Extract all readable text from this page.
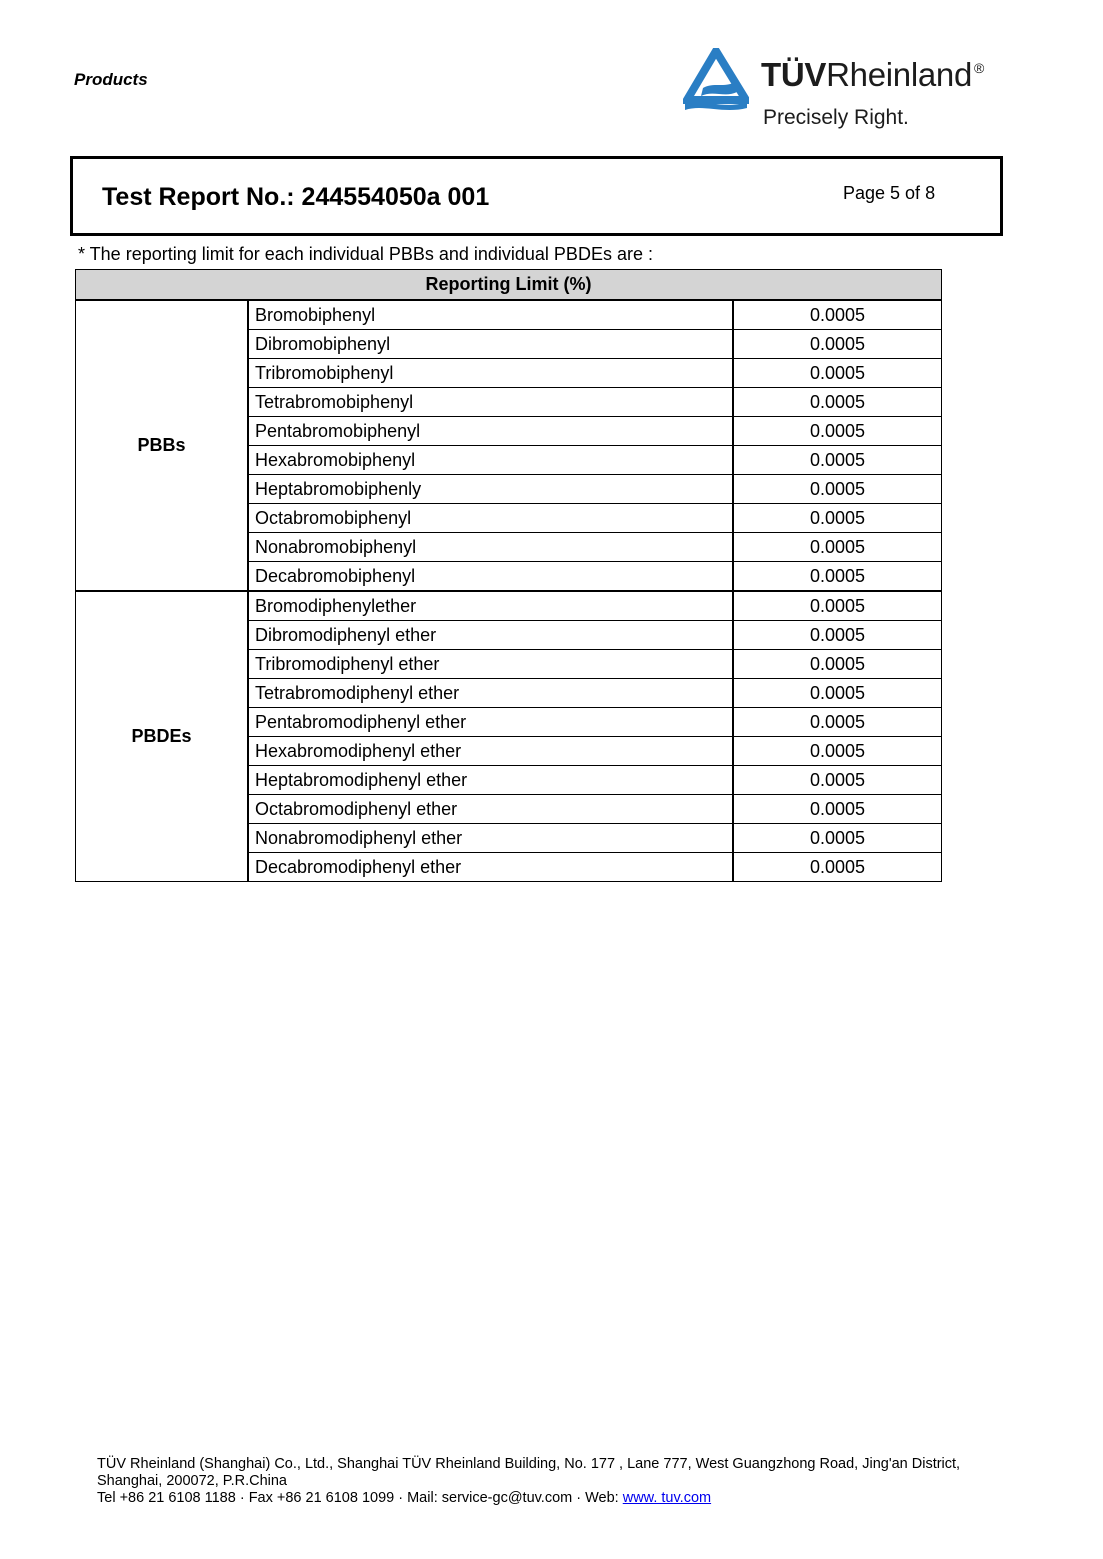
Products	TÜVRheinland ®
Precisely Right.
Test Report No.: 244554050a 001	Page 5 of 8
* The reporting limit for each individual PBBs and individual PBDEs are :
Reporting Limit (%)		
PBBs	Bromobiphenyl	0.0005
	Dibromobiphenyl	0.0005
	Tribromobiphenyl	0.0005
	Tetrabromobiphenyl	0.0005
	Pentabromobiphenyl	0.0005
	Hexabromobiphenyl	0.0005
	Heptabromobiphenly	0.0005
	Octabromobiphenyl	0.0005
	Nonabromobiphenyl	0.0005
	Decabromobiphenyl	0.0005
PBDEs	Bromodiphenylether	0.0005
	Dibromodiphenyl ether	0.0005
	Tribromodiphenyl ether	0.0005
	Tetrabromodiphenyl ether	0.0005
	Pentabromodiphenyl ether	0.0005
	Hexabromodiphenyl ether	0.0005
	Heptabromodiphenyl ether	0.0005
	Octabromodiphenyl ether	0.0005
	Nonabromodiphenyl ether	0.0005
	Decabromodiphenyl ether	0.0005
TÜV Rheinland (Shanghai) Co., Ltd., Shanghai TÜV Rheinland Building, No. 177 , Lane 777, West Guangzhong Road, Jing'an District,
Shanghai, 200072, P.R.China
Tel +86 21 6108 1188 · Fax +86 21 6108 1099 · Mail: service-gc@tuv.com · Web: www. tuv.com
